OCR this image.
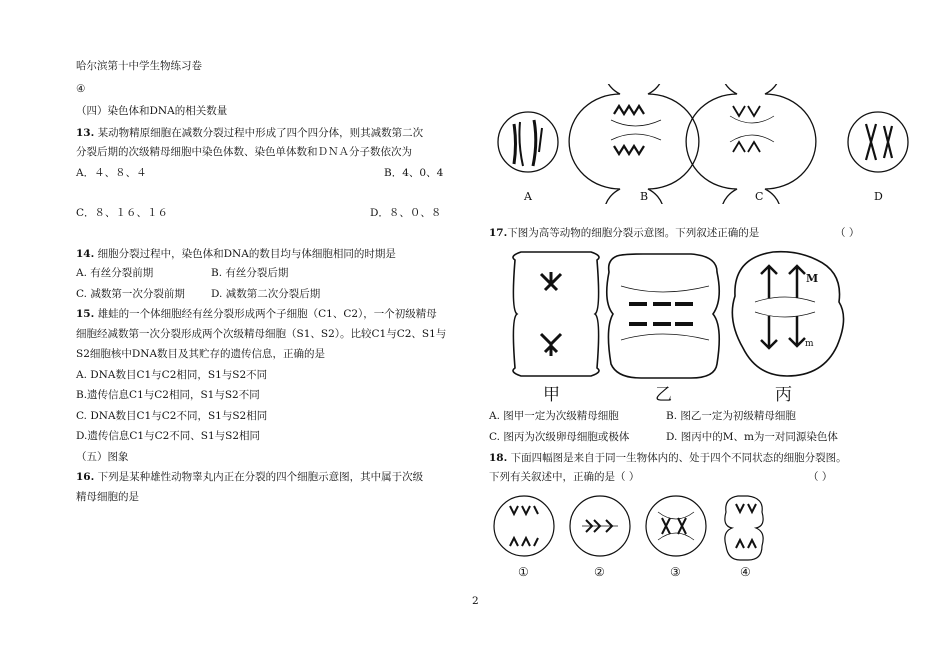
哈尔滨第十中学生物练习卷
④
（四）染色体和DNA的相关数量
13. 某动物精原细胞在减数分裂过程中形成了四个四分体，则其减数第二次
分裂后期的次级精母细胞中染色体数、染色单体数和ＤＮＡ分子数依次为
A．４、８、４	B．4、0、4
C．８、１６、１６	D．８、０、８
14. 细胞分裂过程中，染色体和DNA的数目均与体细胞相同的时期是
A. 有丝分裂前期	B. 有丝分裂后期
C. 减数第一次分裂前期 D. 减数第二次分裂后期
15. 雄蛙的一个体细胞经有丝分裂形成两个子细胞（C1、C2），一个初级精母
细胞经减数第一次分裂形成两个次级精母细胞（S1、S2）。比较C1与C2、S1与
S2细胞核中DNA数目及其贮存的遗传信息，正确的是
A. DNA数目C1与C2相同，S1与S2不同
B.遗传信息C1与C2相同，S1与S2不同
C. DNA数目C1与C2不同，S1与S2相同
D.遗传信息C1与C2不同、S1与S2相同
（五）图象
16. 下列是某种雄性动物睾丸内正在分裂的四个细胞示意图，其中属于次级
精母细胞的是
A	B	C	D
17.下图为高等动物的细胞分裂示意图。下列叙述正确的是	（ ）
M
m
甲	乙	丙
A. 图甲一定为次级精母细胞	B. 图乙一定为初级精母细胞
C. 图丙为次级卵母细胞或极体	D. 图丙中的M、m为一对同源染色体
18. 下面四幅图是来自于同一生物体内的、处于四个不同状态的细胞分裂图。
下列有关叙述中，正确的是（ ）	（ ）
①	②	③	④
2
